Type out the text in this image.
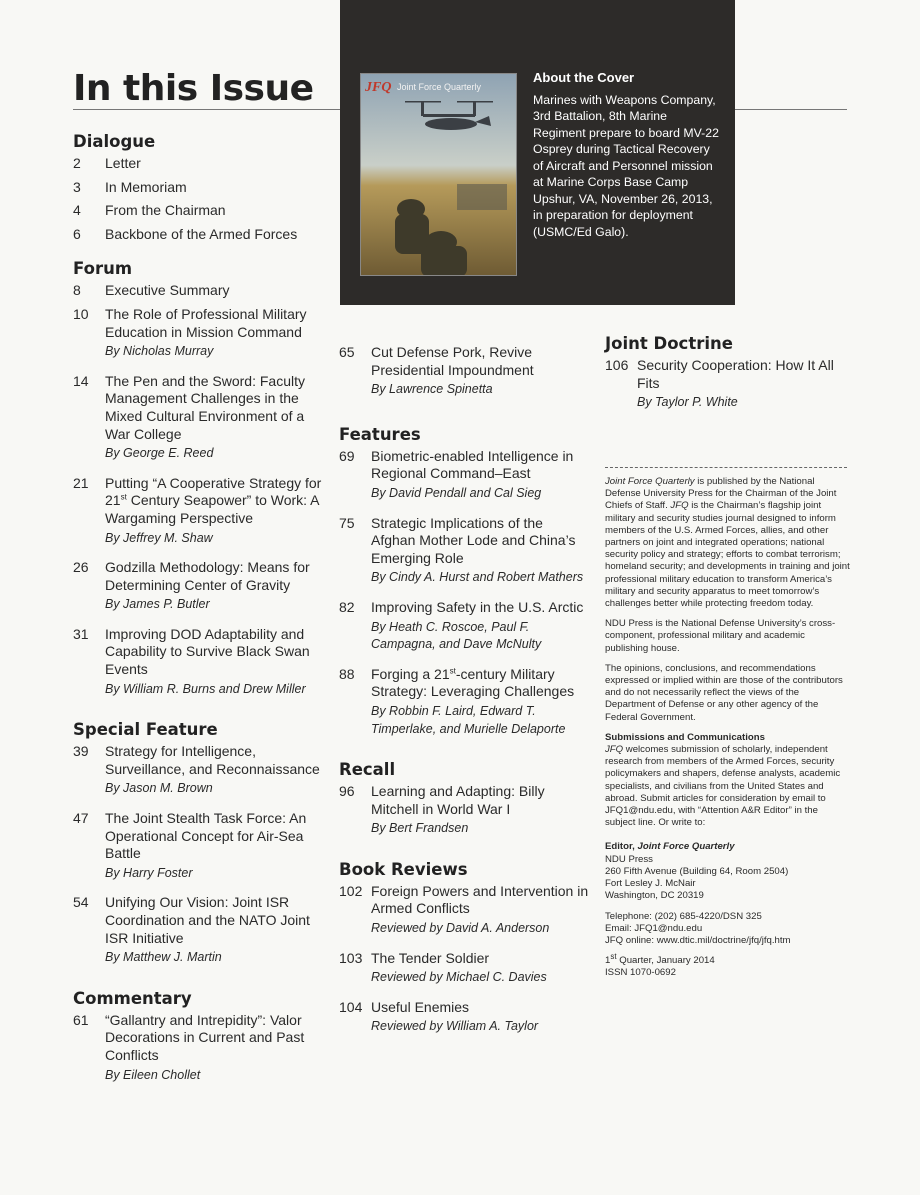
In this Issue	JFQ Joint Force Quarterly
About the Cover
Marines with Weapons Company, 3rd Battalion, 8th Marine Regiment prepare to board MV-22 Osprey during Tactical Recovery of Aircraft and Personnel mission at Marine Corps Base Camp Upshur, VA, November 26, 2013, in preparation for deployment (USMC/Ed Galo).
Dialogue
2	Letter
3	In Memoriam
4	From the Chairman
6	Backbone of the Armed Forces
Forum
8	Executive Summary
10	The Role of Professional Military Education in Mission Command
By Nicholas Murray
14	The Pen and the Sword: Faculty Management Challenges in the Mixed Cultural Environment of a War College
By George E. Reed
21	Putting “A Cooperative Strategy for 21st Century Seapower” to Work: A Wargaming Perspective
By Jeffrey M. Shaw
26	Godzilla Methodology: Means for Determining Center of Gravity
By James P. Butler
31	Improving DOD Adaptability and Capability to Survive Black Swan Events
By William R. Burns and Drew Miller
Special Feature
39	Strategy for Intelligence, Surveillance, and Reconnaissance
By Jason M. Brown
47	The Joint Stealth Task Force: An Operational Concept for Air-Sea Battle
By Harry Foster
54	Unifying Our Vision: Joint ISR Coordination and the NATO Joint ISR Initiative
By Matthew J. Martin
Commentary
61	“Gallantry and Intrepidity”: Valor Decorations in Current and Past Conflicts
By Eileen Chollet
65	Cut Defense Pork, Revive Presidential Impoundment
By Lawrence Spinetta
Features
69	Biometric-enabled Intelligence in Regional Command–East
By David Pendall and Cal Sieg
75	Strategic Implications of the Afghan Mother Lode and China’s Emerging Role
By Cindy A. Hurst and Robert Mathers
82	Improving Safety in the U.S. Arctic
By Heath C. Roscoe, Paul F. Campagna, and Dave McNulty
88	Forging a 21st-century Military Strategy: Leveraging Challenges
By Robbin F. Laird, Edward T. Timperlake, and Murielle Delaporte
Recall
96	Learning and Adapting: Billy Mitchell in World War I
By Bert Frandsen
Book Reviews
102 Foreign Powers and Intervention in Armed Conflicts
Reviewed by David A. Anderson
103 The Tender Soldier
Reviewed by Michael C. Davies
104 Useful Enemies
Reviewed by William A. Taylor
Joint Doctrine
106 Security Cooperation: How It All Fits
By Taylor P. White

Joint Force Quarterly is published by the National Defense University Press for the Chairman of the Joint Chiefs of Staff. JFQ is the Chairman’s flagship joint military and security studies journal designed to inform members of the U.S. Armed Forces, allies, and other partners on joint and integrated operations; national security policy and strategy; efforts to combat terrorism; homeland security; and developments in training and joint professional military education to transform America’s military and security apparatus to meet tomorrow’s challenges better while protecting freedom today.

NDU Press is the National Defense University’s cross-component, professional military and academic publishing house.

The opinions, conclusions, and recommendations expressed or implied within are those of the contributors and do not necessarily reflect the views of the Department of Defense or any other agency of the Federal Government.

Submissions and Communications
JFQ welcomes submission of scholarly, independent research from members of the Armed Forces, security policymakers and shapers, defense analysts, academic specialists, and civilians from the United States and abroad. Submit articles for consideration by email to JFQ1@ndu.edu, with “Attention A&R Editor” in the subject line. Or write to:

Editor, Joint Force Quarterly
NDU Press
260 Fifth Avenue (Building 64, Room 2504)
Fort Lesley J. McNair
Washington, DC 20319

Telephone: (202) 685-4220/DSN 325
Email: JFQ1@ndu.edu
JFQ online: www.dtic.mil/doctrine/jfq/jfq.htm

1st Quarter, January 2014
ISSN 1070-0692
